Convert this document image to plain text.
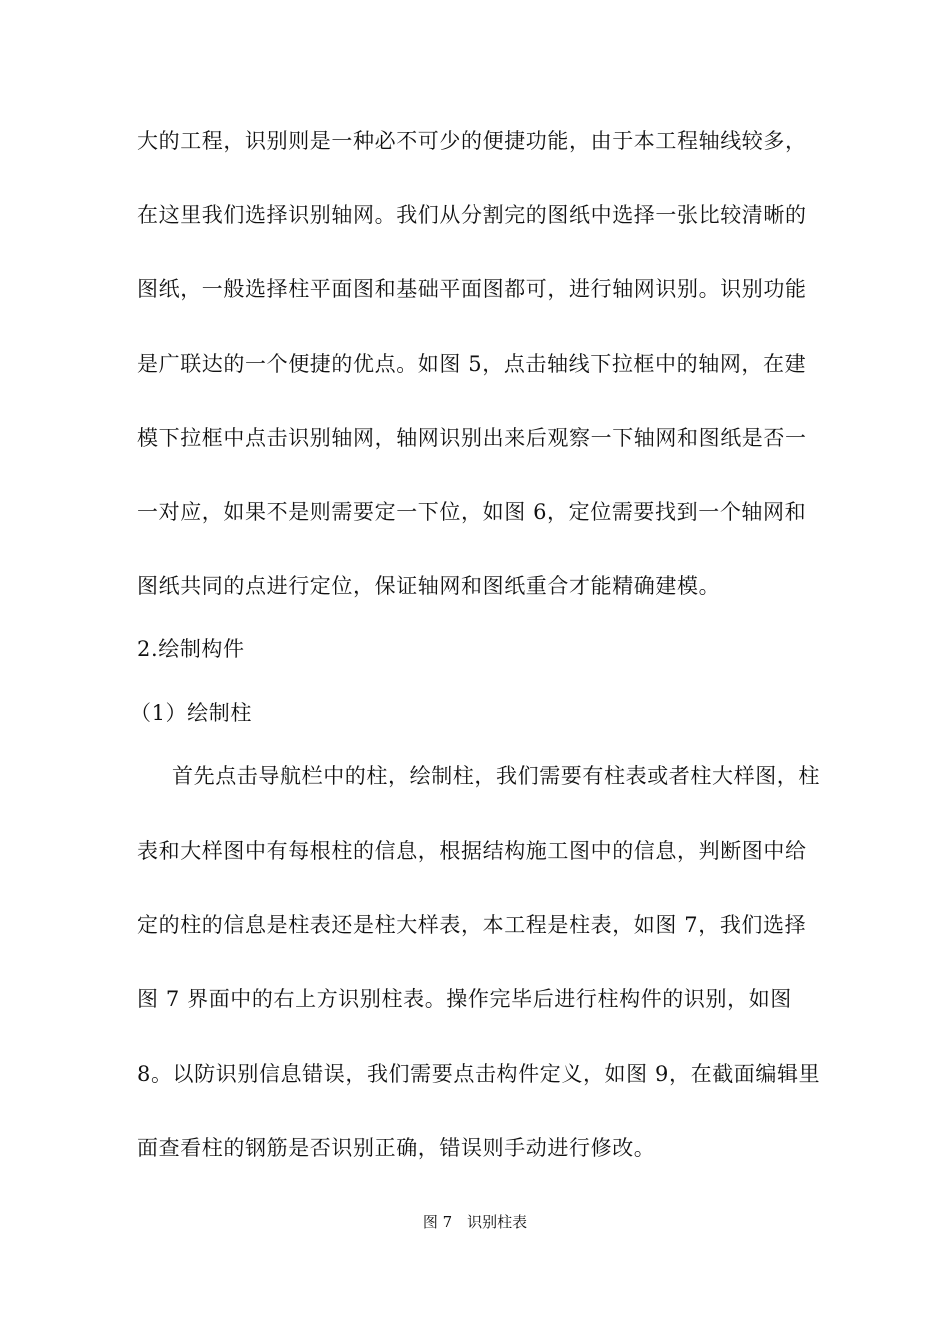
大的工程，识别则是一种必不可少的便捷功能，由于本工程轴线较多，
在这里我们选择识别轴网。我们从分割完的图纸中选择一张比较清晰的
图纸，一般选择柱平面图和基础平面图都可，进行轴网识别。识别功能
是广联达的一个便捷的优点。如图 5，点击轴线下拉框中的轴网，在建
模下拉框中点击识别轴网，轴网识别出来后观察一下轴网和图纸是否一
一对应，如果不是则需要定一下位，如图 6，定位需要找到一个轴网和
图纸共同的点进行定位，保证轴网和图纸重合才能精确建模。
2.绘制构件
（1）绘制柱
首先点击导航栏中的柱，绘制柱，我们需要有柱表或者柱大样图，柱
表和大样图中有每根柱的信息，根据结构施工图中的信息，判断图中给
定的柱的信息是柱表还是柱大样表，本工程是柱表，如图 7，我们选择
图 7 界面中的右上方识别柱表。操作完毕后进行柱构件的识别，如图
8。以防识别信息错误，我们需要点击构件定义，如图 9，在截面编辑里
面查看柱的钢筋是否识别正确，错误则手动进行修改。
图 7　识别柱表
